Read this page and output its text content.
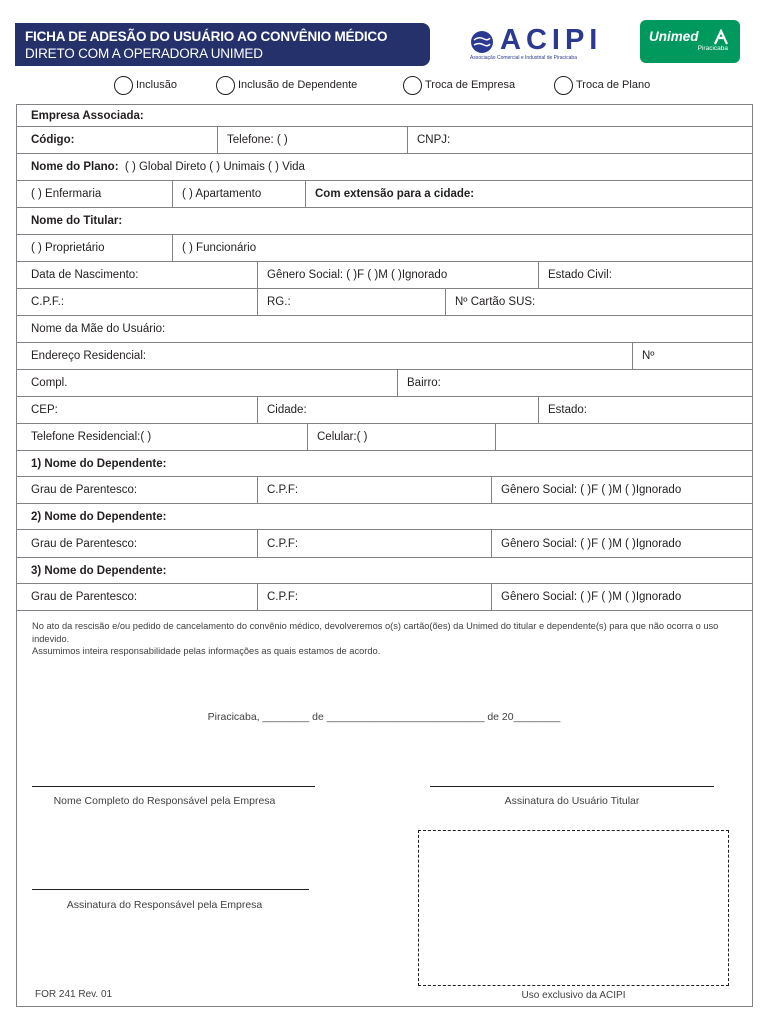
FICHA DE ADESÃO DO USUÁRIO AO CONVÊNIO MÉDICO
DIRETO COM A OPERADORA UNIMED	ACIPI
Associação Comercial e Industrial de Piracicaba
Unimed
Piracicaba
Inclusão	Inclusão de Dependente	Troca de Empresa	Troca de Plano
Empresa Associada:
Código:	Telefone: ( )	CNPJ:
Nome do Plano:
( ) Global Direto ( ) Unimais ( ) Vida
( ) Enfermaria	( ) Apartamento	Com extensão para a cidade:
Nome do Titular:
( ) Proprietário	( ) Funcionário
Data de Nascimento:	Gênero Social: ( )F ( )M ( )Ignorado	Estado Civil:
C.P.F.:	RG.:	Nº Cartão SUS:
Nome da Mãe do Usuário:
Endereço Residencial:	Nº
Compl.	Bairro:
CEP:	Cidade:	Estado:
Telefone Residencial:( )	Celular:( )
1) Nome do Dependente:
Grau de Parentesco:	C.P.F:	Gênero Social: ( )F ( )M ( )Ignorado
2) Nome do Dependente:
Grau de Parentesco:	C.P.F:	Gênero Social: ( )F ( )M ( )Ignorado
3) Nome do Dependente:
Grau de Parentesco:	C.P.F:	Gênero Social: ( )F ( )M ( )Ignorado
No ato da rescisão e/ou pedido de cancelamento do convênio médico, devolveremos o(s) cartão(ões) da Unimed do titular e dependente(s) para que não ocorra o uso indevido.
Assumimos inteira responsabilidade pelas informações as quais estamos de acordo.
Piracicaba, ________ de ___________________________ de 20________
Nome Completo do Responsável pela Empresa	Assinatura do Usuário Titular
Assinatura do Responsável pela Empresa
FOR 241 Rev. 01	Uso exclusivo da ACIPI
